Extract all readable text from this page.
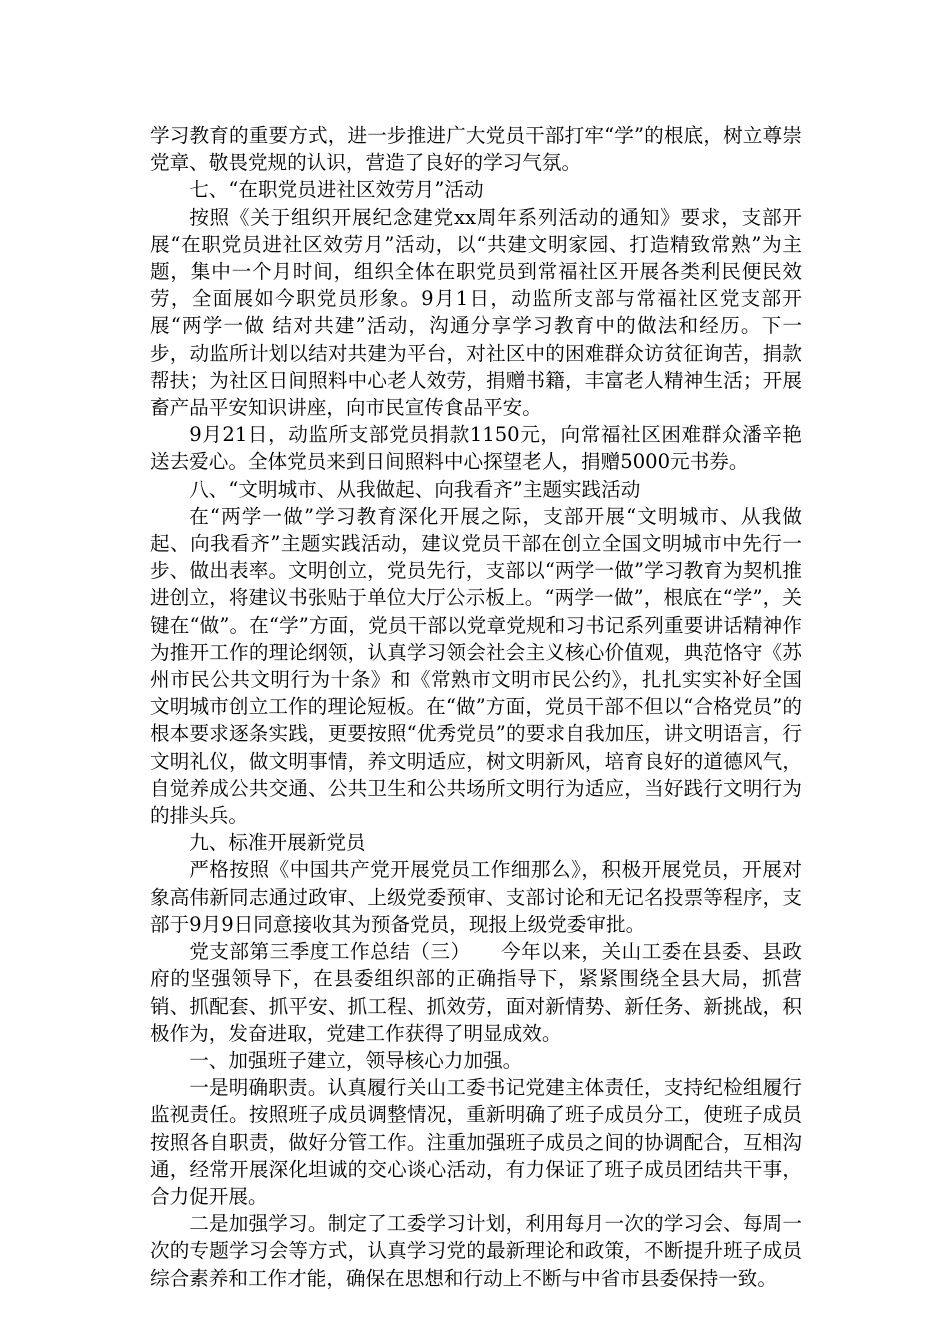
学习教育的重要方式，进一步推进广大党员干部打牢“学”的根底，树立尊崇党章、敬畏党规的认识，营造了良好的学习气氛。

七、“在职党员进社区效劳月”活动

按照《关于组织开展纪念建党xx周年系列活动的通知》要求，支部开展“在职党员进社区效劳月”活动，以“共建文明家园、打造精致常熟”为主题，集中一个月时间，组织全体在职党员到常福社区开展各类利民便民效劳，全面展如今职党员形象。9月1日，动监所支部与常福社区党支部开展“两学一做 结对共建”活动，沟通分享学习教育中的做法和经历。下一步，动监所计划以结对共建为平台，对社区中的困难群众访贫征询苦，捐款帮扶；为社区日间照料中心老人效劳，捐赠书籍，丰富老人精神生活；开展畜产品平安知识讲座，向市民宣传食品平安。

9月21日，动监所支部党员捐款1150元，向常福社区困难群众潘辛艳送去爱心。全体党员来到日间照料中心探望老人，捐赠5000元书券。

八、“文明城市、从我做起、向我看齐”主题实践活动

在“两学一做”学习教育深化开展之际，支部开展“文明城市、从我做起、向我看齐”主题实践活动，建议党员干部在创立全国文明城市中先行一步、做出表率。文明创立，党员先行，支部以“两学一做”学习教育为契机推进创立，将建议书张贴于单位大厅公示板上。“两学一做”，根底在“学”，关键在“做”。在“学”方面，党员干部以党章党规和习书记系列重要讲话精神作为推开工作的理论纲领，认真学习领会社会主义核心价值观，典范恪守《苏州市民公共文明行为十条》和《常熟市文明市民公约》，扎扎实实补好全国文明城市创立工作的理论短板。在“做”方面，党员干部不但以“合格党员”的根本要求逐条实践，更要按照“优秀党员”的要求自我加压，讲文明语言，行文明礼仪，做文明事情，养文明适应，树文明新风，培育良好的道德风气，自觉养成公共交通、公共卫生和公共场所文明行为适应，当好践行文明行为的排头兵。

九、标准开展新党员

严格按照《中国共产党开展党员工作细那么》，积极开展党员，开展对象高伟新同志通过政审、上级党委预审、支部讨论和无记名投票等程序，支部于9月9日同意接收其为预备党员，现报上级党委审批。

党支部第三季度工作总结（三）　　今年以来，关山工委在县委、县政府的坚强领导下，在县委组织部的正确指导下，紧紧围绕全县大局，抓营销、抓配套、抓平安、抓工程、抓效劳，面对新情势、新任务、新挑战，积极作为，发奋进取，党建工作获得了明显成效。

一、加强班子建立，领导核心力加强。

一是明确职责。认真履行关山工委书记党建主体责任，支持纪检组履行监视责任。按照班子成员调整情况，重新明确了班子成员分工，使班子成员按照各自职责，做好分管工作。注重加强班子成员之间的协调配合，互相沟通，经常开展深化坦诚的交心谈心活动，有力保证了班子成员团结共干事，合力促开展。

二是加强学习。制定了工委学习计划，利用每月一次的学习会、每周一次的专题学习会等方式，认真学习党的最新理论和政策，不断提升班子成员综合素养和工作才能，确保在思想和行动上不断与中省市县委保持一致。
